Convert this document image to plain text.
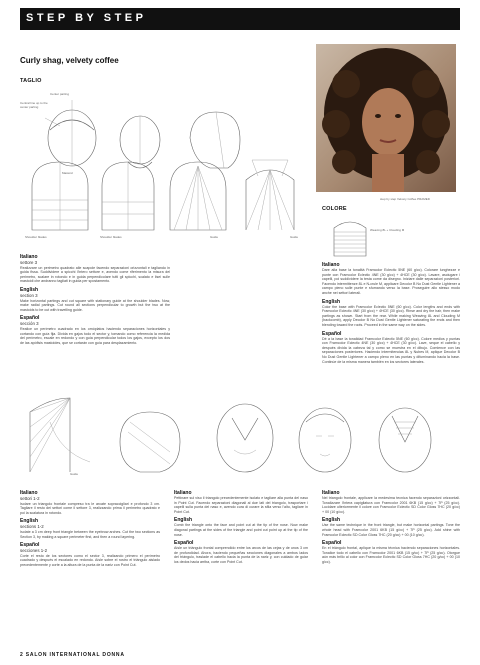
STEP BY STEP
Curly shag, velvety coffee
TAGLIO
Center parting
Central line up to the center parting
Mastoid
Shoulder blades	Shoulder blades	Guide	Guide
step by step Velvety Coffee PRAMED
COLORE
Weaving 8L + Clouding M
Italiano
settore 3
Realizzare un perimetro quadrato alle scapole facendo separazioni orizzontali e tagliando in guida fissa. Suddividere a spicchi l'intero settore e, avendo come riferimento la misura del perimetro, scalare in rotondo e in guida perpendicolare tutti gli spicchi, scalato e lisei sulle mastoidi che andranno tagliati in guida per spostamento.
English
section 3
Make horizontal partings and cut square with stationary guide at the shoulder blades. Now, make radial partings. Cut round all sections perpendicular to growth but the two at the mastoids to be cut with travelling guide.
Español
sección 3
Realice un perímetro cuadrado en los omóplatos haciendo separaciones horizontales y cortando con guía fija. Divida en gajos todo el sector y, tomando como referencia la medida del perímetro, escale en redondo y con guía perpendicular todos los gajos, excepto los dos de las apófisis mastoides, que se cortarán con guía para desplazamiento.
Italiano
Dare alla base la tonalità Framcolor Eclectic 5NE (60 g/cc). Colorare lunghezze e punte con Framcolor Eclectic 4NE (30 g/cc) + 4HCE (30 g/cc). Lavare, asciugare i capelli, poi suddividere la testa come da disegno. Iniziare dalle separazioni posteriori. Facendo intermittenze 8L e N-crule M, applicare Decolor B No Dust Gentle Lightener a campo pieno sulle punte e sfumando verso la base. Proseguire allo stesso modo anche nei settori laterali.
English
Color the base with Framcolor Eclectic 5NE (60 g/cc). Color lengths and ends with Framcolor Eclectic 4NE (30 g/cc) + 4HCE (30 g/cc). Rinse and dry the hair, then make partings as shown. Start from the rear. While making Weaving 8L and Clouding M (backcomb), apply Decolor B No Dust Gentle Lightener saturating the ends and then blending toward the roots. Proceed in the same way on the sides.
Español
Dé a la base la tonalidad Framcolor Eclectic 5NE (60 g/cc). Colore medios y puntas con Framcolor Eclectic 4NE (30 g/cc) + 4HCE (30 g/cc). Lave, seque el cabello y después divida la cabeza tal y como se muestra en el dibujo. Comience con las separaciones posteriores. Haciendo intermitencias 8L y Nubes M, aplique Decolor B No Dust Gentle Lightener a campo pleno en las puntas y difuminando hacia la base. Continúe de la misma manera también en los sectores laterales.
Guide
Italiano
settori 1-2
Isolare un triangolo frontale compreso tra le arcate sopraccigliari e profondo 3 cm. Tagliare il resto dei settori come il settore 3, realizzando prima il perimetro quadrato e poi la scalatura in rotondo.
English
sections 1-2
Isolate a 3 cm deep front triangle between the eyebrow arches. Cut the two sections as Section 3, by making a square perimeter first, and then a round layering.
Español
secciones 1-2
Corte el resto de los sectores como el sector 3, realizando primero el perímetro cuadrado y después el escalado en redondo. Aísle sobre el rostro el triángulo aislado precedentemente y corte a la altura de la punta de la nariz con Point Cut.
Italiano
Pettinare sul viso il triangolo precedentemente isolato e tagliare alla punta del naso in Point Cut. Facendo separazioni diagonali al due lati del triangolo, trasportare i capelli sulla punta del naso e, avendo cura di curare la sfila verso l'alto, tagliare in Point Cut.
English
Comb the triangle onto the face and point cut at the tip of the nose. Now make diagonal partings at the sides of the triangle and point cut point up at the tip of the nose.
Español
Aísle un triángulo frontal comprendido entre los arcos de las cejas y de unos 3 cm de profundidad. Ahora, haciendo pequeñas secciones diagonales a ambos lados del triángulo, traslade el cabello hacia la punta de la nariz y, con cuidado de guiar los dedos hacia arriba, corte con Point Cut.
Italiano
Nel triangolo frontale, applicare la medesima tecnica facendo separazioni orizzontali. Tonalizzare l'intera capigliatura con Framcolor 2001 6KB (15 g/cc) + 7P (25 g/cc). Lucidare ulteriormente il colore con Framcolor Eclectic SD Color Gloss 7HC (20 g/cc) + 00 (10 g/cc).
English
Use the same technique in the front triangle, but make horizontal partings. Tone the whole head with Framcolor 2001 6KB (15 g/cc) + 7P (25 g/cc). Add shine with Framcolor Eclectic SD Color Gloss 7HC (20 g/cc) + 00 (10 g/cc).
Español
En el triángulo frontal, aplique la misma técnica haciendo separaciones horizontales. Tonalice todo el cabello con Framcolor 2001 6KB (15 g/cc) + 7P (25 g/cc). Otorgue aún más brillo al color con Framcolor Eclectic SD Color Gloss 7HC (20 g/cc) + 00 (10 g/cc).
2 SALON INTERNATIONAL DONNA
